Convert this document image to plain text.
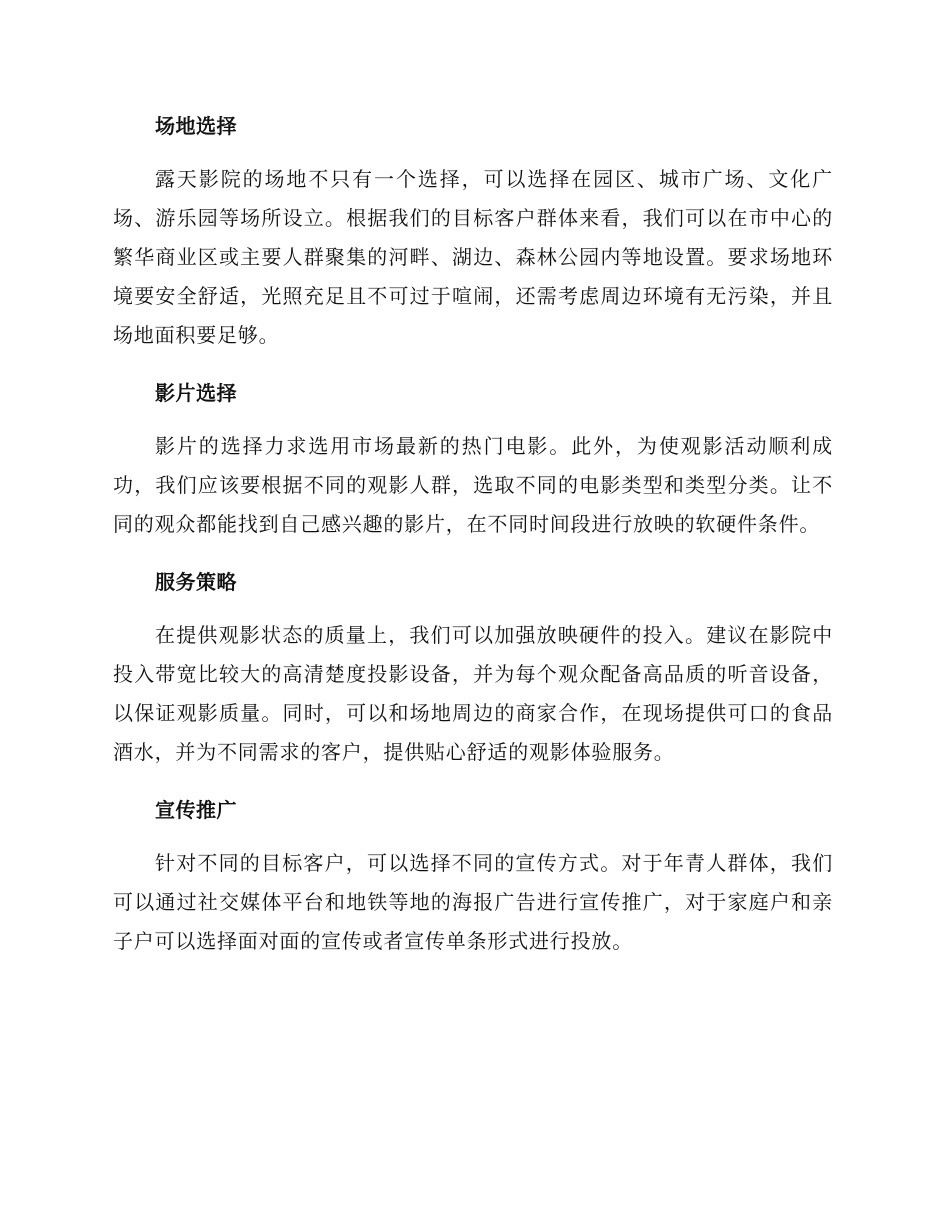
场地选择

露天影院的场地不只有一个选择，可以选择在园区、城市广场、文化广场、游乐园等场所设立。根据我们的目标客户群体来看，我们可以在市中心的繁华商业区或主要人群聚集的河畔、湖边、森林公园内等地设置。要求场地环境要安全舒适，光照充足且不可过于喧闹，还需考虑周边环境有无污染，并且场地面积要足够。

影片选择

影片的选择力求选用市场最新的热门电影。此外，为使观影活动顺利成功，我们应该要根据不同的观影人群，选取不同的电影类型和类型分类。让不同的观众都能找到自己感兴趣的影片，在不同时间段进行放映的软硬件条件。

服务策略

在提供观影状态的质量上，我们可以加强放映硬件的投入。建议在影院中投入带宽比较大的高清楚度投影设备，并为每个观众配备高品质的听音设备，以保证观影质量。同时，可以和场地周边的商家合作，在现场提供可口的食品酒水，并为不同需求的客户，提供贴心舒适的观影体验服务。

宣传推广

针对不同的目标客户，可以选择不同的宣传方式。对于年青人群体，我们可以通过社交媒体平台和地铁等地的海报广告进行宣传推广，对于家庭户和亲子户可以选择面对面的宣传或者宣传单条形式进行投放。
